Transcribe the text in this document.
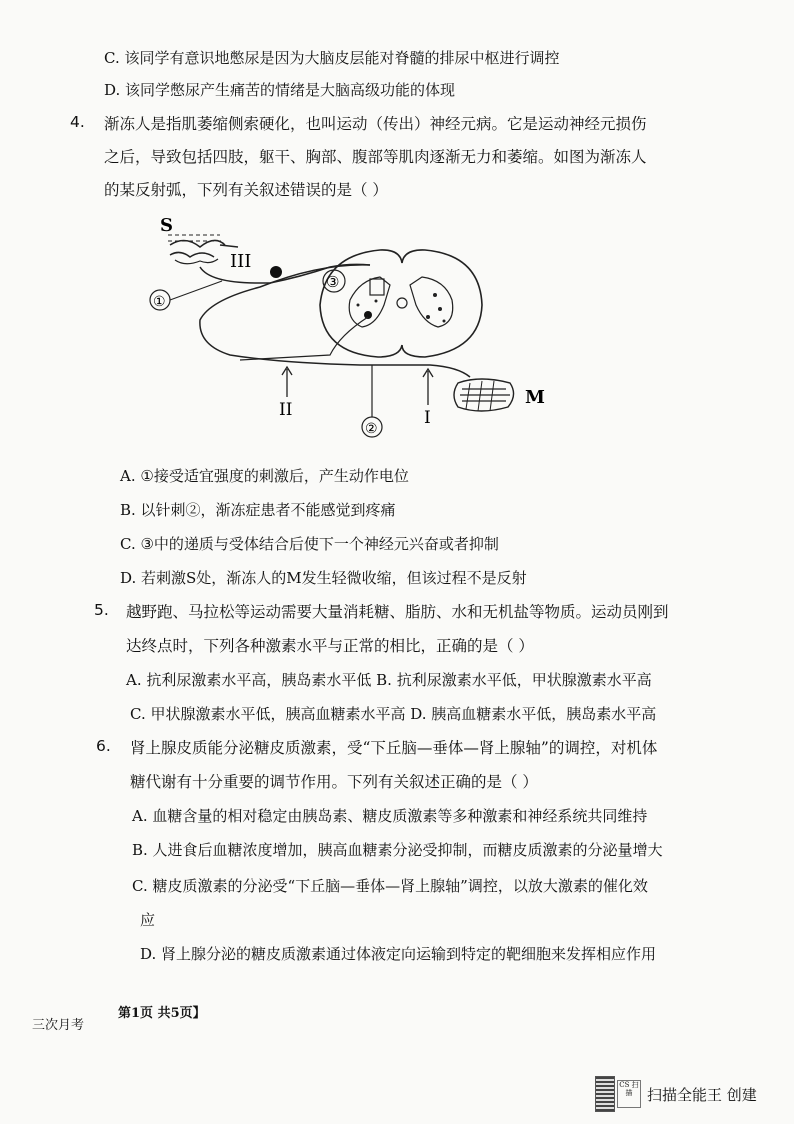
C. 该同学有意识地憋尿是因为大脑皮层能对脊髓的排尿中枢进行调控
D. 该同学憋尿产生痛苦的情绪是大脑高级功能的体现
4. 渐冻人是指肌萎缩侧索硬化，也叫运动（传出）神经元病。它是运动神经元损伤
之后，导致包括四肢，躯干、胸部、腹部等肌肉逐渐无力和萎缩。如图为渐冻人
的某反射弧，下列有关叙述错误的是（ ）
S
III
①
③
M
I
II
②
A. ①接受适宜强度的刺激后，产生动作电位
B. 以针刺②，渐冻症患者不能感觉到疼痛
C. ③中的递质与受体结合后使下一个神经元兴奋或者抑制
D. 若刺激S处，渐冻人的M发生轻微收缩，但该过程不是反射
5. 越野跑、马拉松等运动需要大量消耗糖、脂肪、水和无机盐等物质。运动员刚到
达终点时，下列各种激素水平与正常的相比，正确的是（ ）
A. 抗利尿激素水平高，胰岛素水平低 B. 抗利尿激素水平低，甲状腺激素水平高
C. 甲状腺激素水平低，胰高血糖素水平高 D. 胰高血糖素水平低，胰岛素水平高
6. 肾上腺皮质能分泌糖皮质激素，受“下丘脑—垂体—肾上腺轴”的调控，对机体
糖代谢有十分重要的调节作用。下列有关叙述正确的是（ ）
A. 血糖含量的相对稳定由胰岛素、糖皮质激素等多种激素和神经系统共同维持
B. 人进食后血糖浓度增加，胰高血糖素分泌受抑制，而糖皮质激素的分泌量增大
C. 糖皮质激素的分泌受“下丘脑—垂体—肾上腺轴”调控，以放大激素的催化效
应
D. 肾上腺分泌的糖皮质激素通过体液定向运输到特定的靶细胞来发挥相应作用
三次月考
第1页 共5页】
CS 扫描 扫描全能王 创建
